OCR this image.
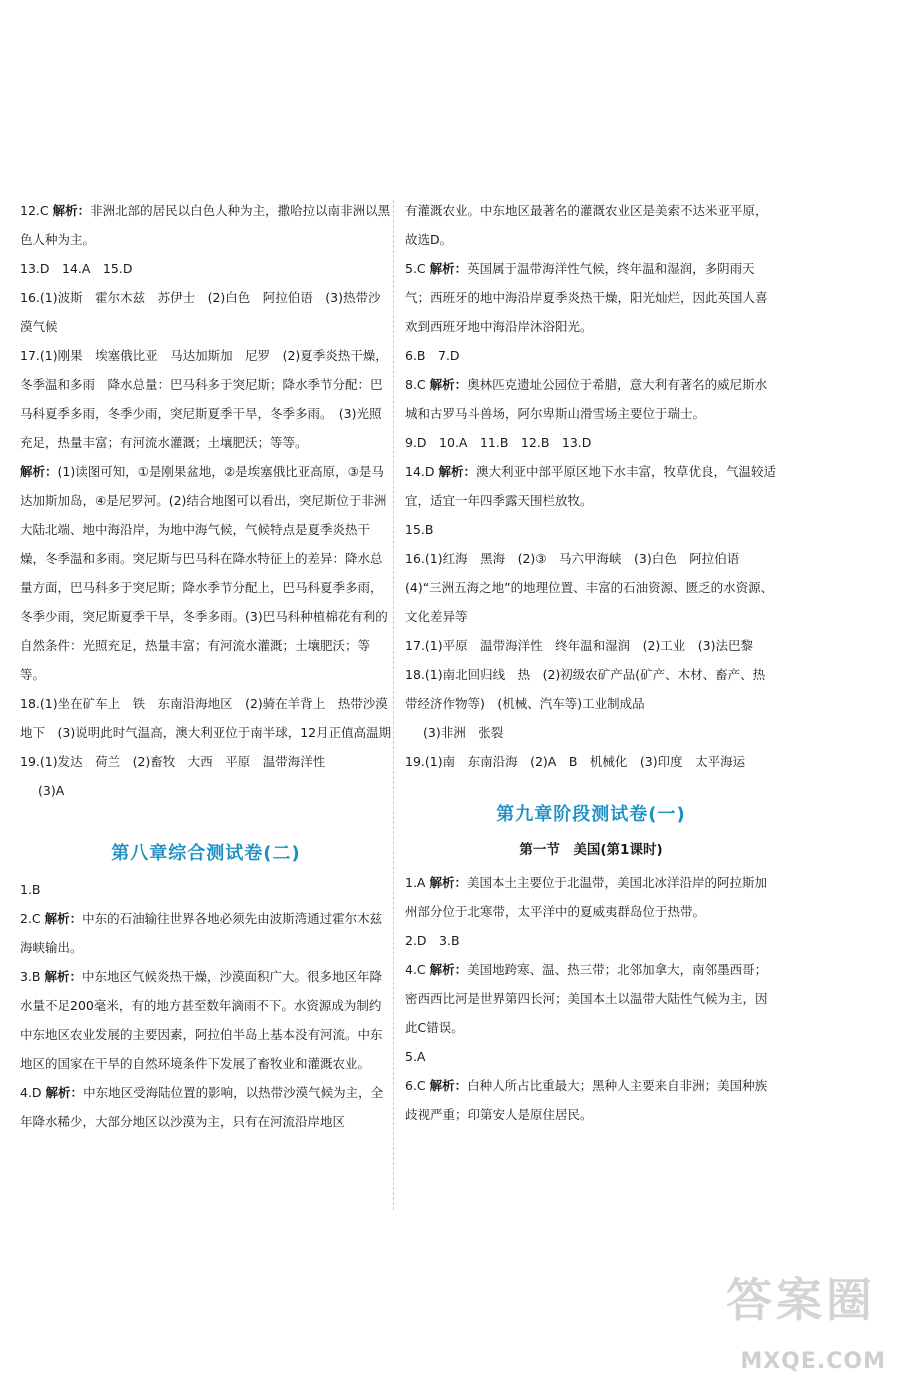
12.C 解析：非洲北部的居民以白色人种为主，撒哈拉以南非洲以黑色人种为主。
13.D　14.A　15.D
16.(1)波斯　霍尔木兹　苏伊士　(2)白色　阿拉伯语　(3)热带沙漠气候
17.(1)刚果　埃塞俄比亚　马达加斯加　尼罗　(2)夏季炎热干燥，冬季温和多雨　降水总量：巴马科多于突尼斯；降水季节分配：巴马科夏季多雨，冬季少雨，突尼斯夏季干旱，冬季多雨。　(3)光照充足，热量丰富；有河流水灌溉；土壤肥沃；等等。
解析：(1)读图可知，①是刚果盆地，②是埃塞俄比亚高原，③是马达加斯加岛，④是尼罗河。(2)结合地图可以看出，突尼斯位于非洲大陆北端、地中海沿岸，为地中海气候，气候特点是夏季炎热干燥，冬季温和多雨。突尼斯与巴马科在降水特征上的差异：降水总量方面，巴马科多于突尼斯；降水季节分配上，巴马科夏季多雨，冬季少雨，突尼斯夏季干旱，冬季多雨。(3)巴马科种植棉花有利的自然条件：光照充足，热量丰富；有河流水灌溉；土壤肥沃；等等。
18.(1)坐在矿车上　铁　东南沿海地区　(2)骑在羊背上　热带沙漠　地下　(3)说明此时气温高，澳大利亚位于南半球，12月正值高温期
19.(1)发达　荷兰　(2)畜牧　大西　平原　温带海洋性
(3)A
第八章综合测试卷(二)
1.B
2.C 解析：中东的石油输往世界各地必须先由波斯湾通过霍尔木兹海峡输出。
3.B 解析：中东地区气候炎热干燥，沙漠面积广大。很多地区年降水量不足200毫米，有的地方甚至数年滴雨不下。水资源成为制约中东地区农业发展的主要因素，阿拉伯半岛上基本没有河流。中东地区的国家在干旱的自然环境条件下发展了畜牧业和灌溉农业。
4.D 解析：中东地区受海陆位置的影响，以热带沙漠气候为主，全年降水稀少，大部分地区以沙漠为主，只有在河流沿岸地区
有灌溉农业。中东地区最著名的灌溉农业区是美索不达米亚平原，故选D。
5.C 解析：英国属于温带海洋性气候，终年温和湿润，多阴雨天气；西班牙的地中海沿岸夏季炎热干燥，阳光灿烂，因此英国人喜欢到西班牙地中海沿岸沐浴阳光。
6.B　7.D
8.C 解析：奥林匹克遗址公园位于希腊，意大利有著名的威尼斯水城和古罗马斗兽场，阿尔卑斯山滑雪场主要位于瑞士。
9.D　10.A　11.B　12.B　13.D
14.D 解析：澳大利亚中部平原区地下水丰富，牧草优良，气温较适宜，适宜一年四季露天围栏放牧。
15.B
16.(1)红海　黑海　(2)③　马六甲海峡　(3)白色　阿拉伯语　(4)“三洲五海之地”的地理位置、丰富的石油资源、匮乏的水资源、文化差异等
17.(1)平原　温带海洋性　终年温和湿润　(2)工业　(3)法巴黎
18.(1)南北回归线　热　(2)初级农矿产品(矿产、木材、畜产、热带经济作物等)　(机械、汽车等)工业制成品
(3)非洲　张裂
19.(1)南　东南沿海　(2)A　B　机械化　(3)印度　太平海运
第九章阶段测试卷(一)
第一节　美国(第1课时)
1.A 解析：美国本土主要位于北温带，美国北冰洋沿岸的阿拉斯加州部分位于北寒带，太平洋中的夏威夷群岛位于热带。
2.D　3.B
4.C 解析：美国地跨寒、温、热三带；北邻加拿大，南邻墨西哥；密西西比河是世界第四长河；美国本土以温带大陆性气候为主，因此C错误。
5.A
6.C 解析：白种人所占比重最大；黑种人主要来自非洲；美国种族歧视严重；印第安人是原住居民。
答案圈
MXQE.COM
